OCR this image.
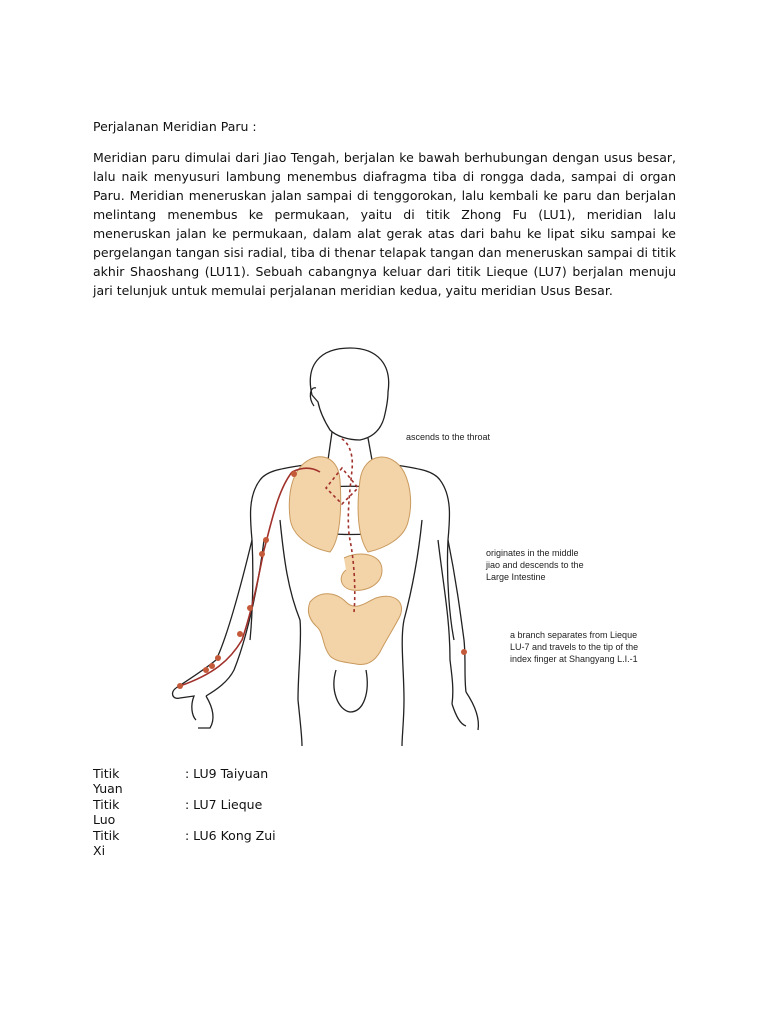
Perjalanan Meridian Paru :
Meridian paru dimulai dari Jiao Tengah, berjalan ke bawah berhubungan dengan usus besar, lalu naik menyusuri lambung menembus diafragma tiba di rongga dada, sampai di organ Paru. Meridian meneruskan jalan sampai di tenggorokan, lalu kembali ke paru dan berjalan melintang menembus ke permukaan, yaitu di titik Zhong Fu (LU1), meridian lalu meneruskan jalan ke permukaan, dalam alat gerak atas dari bahu ke lipat siku sampai ke pergelangan tangan sisi radial, tiba di thenar telapak tangan dan meneruskan sampai di titik akhir Shaoshang (LU11). Sebuah cabangnya keluar dari titik Lieque (LU7) berjalan menuju jari telunjuk untuk memulai perjalanan meridian kedua, yaitu meridian Usus Besar.
ascends to the throat
originates in the middle
jiao and descends to the
Large Intestine
a branch separates from Lieque
LU-7 and travels to the tip of the
index finger at Shangyang L.I.-1
Titik Yuan
: LU9 Taiyuan
Titik Luo
: LU7 Lieque
Titik Xi
: LU6 Kong Zui
